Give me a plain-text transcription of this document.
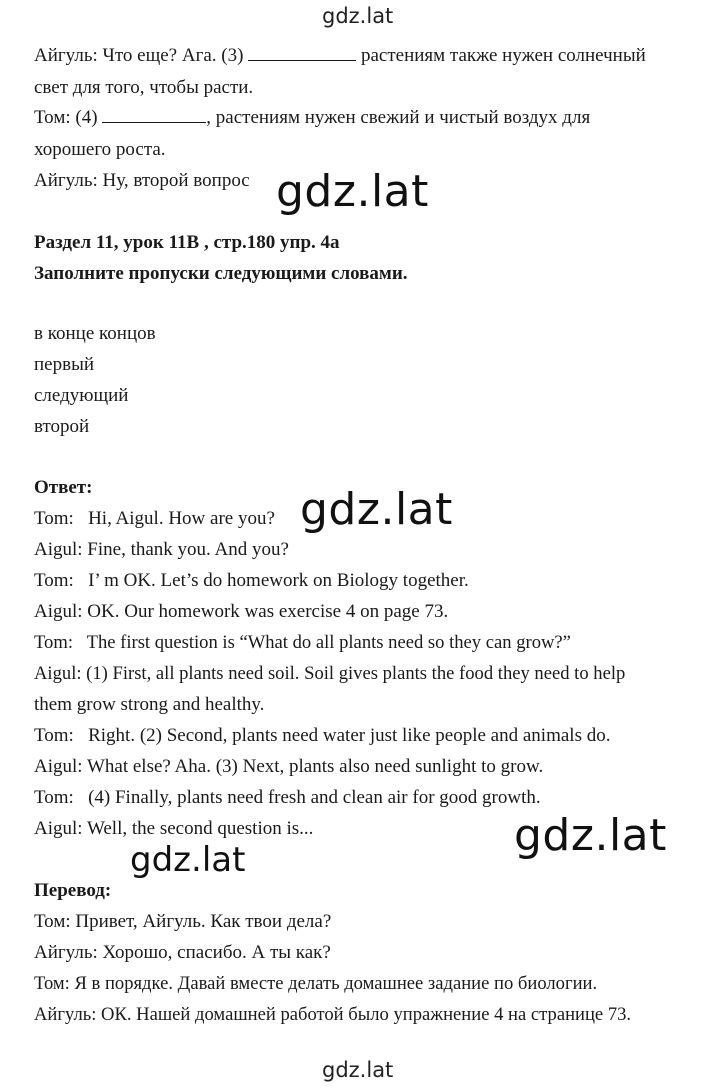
gdz.lat
Айгуль: Что еще? Ага. (3)	растениям также нужен солнечный
свет для того, чтобы расти.
Том: (4)	, растениям нужен свежий и чистый воздух для
хорошего роста.
Айгуль: Ну, второй вопрос gdz.lat
Раздел 11, урок 11В , стр.180 упр. 4а
Заполните пропуски следующими словами.
в конце концов
первый
следующий
второй
Ответ:
Tom:   Hi, Aigul. How are you?
Aigul: Fine, thank you. And you?
Tom:   I’ m OK. Let’s do homework on Biology together.
Aigul: OK. Our homework was exercise 4 on page 73.
Tom:   The first question is “What do all plants need so they can grow?”
Aigul: (1) First, all plants need soil. Soil gives plants the food they need to help
them grow strong and healthy.
Tom:   Right. (2) Second, plants need water just like people and animals do.
Aigul: What else? Aha. (3) Next, plants also need sunlight to grow.
Tom:   (4) Finally, plants need fresh and clean air for good growth.
Aigul: Well, the second question is...
gdz.lat
gdz.lat
gdz.lat
Перевод:
Том: Привет, Айгуль. Как твои дела?
Айгуль: Хорошо, спасибо. А ты как?
Том: Я в порядке. Давай вместе делать домашнее задание по биологии.
Айгуль: ОК. Нашей домашней работой было упражнение 4 на странице 73.
gdz.lat
